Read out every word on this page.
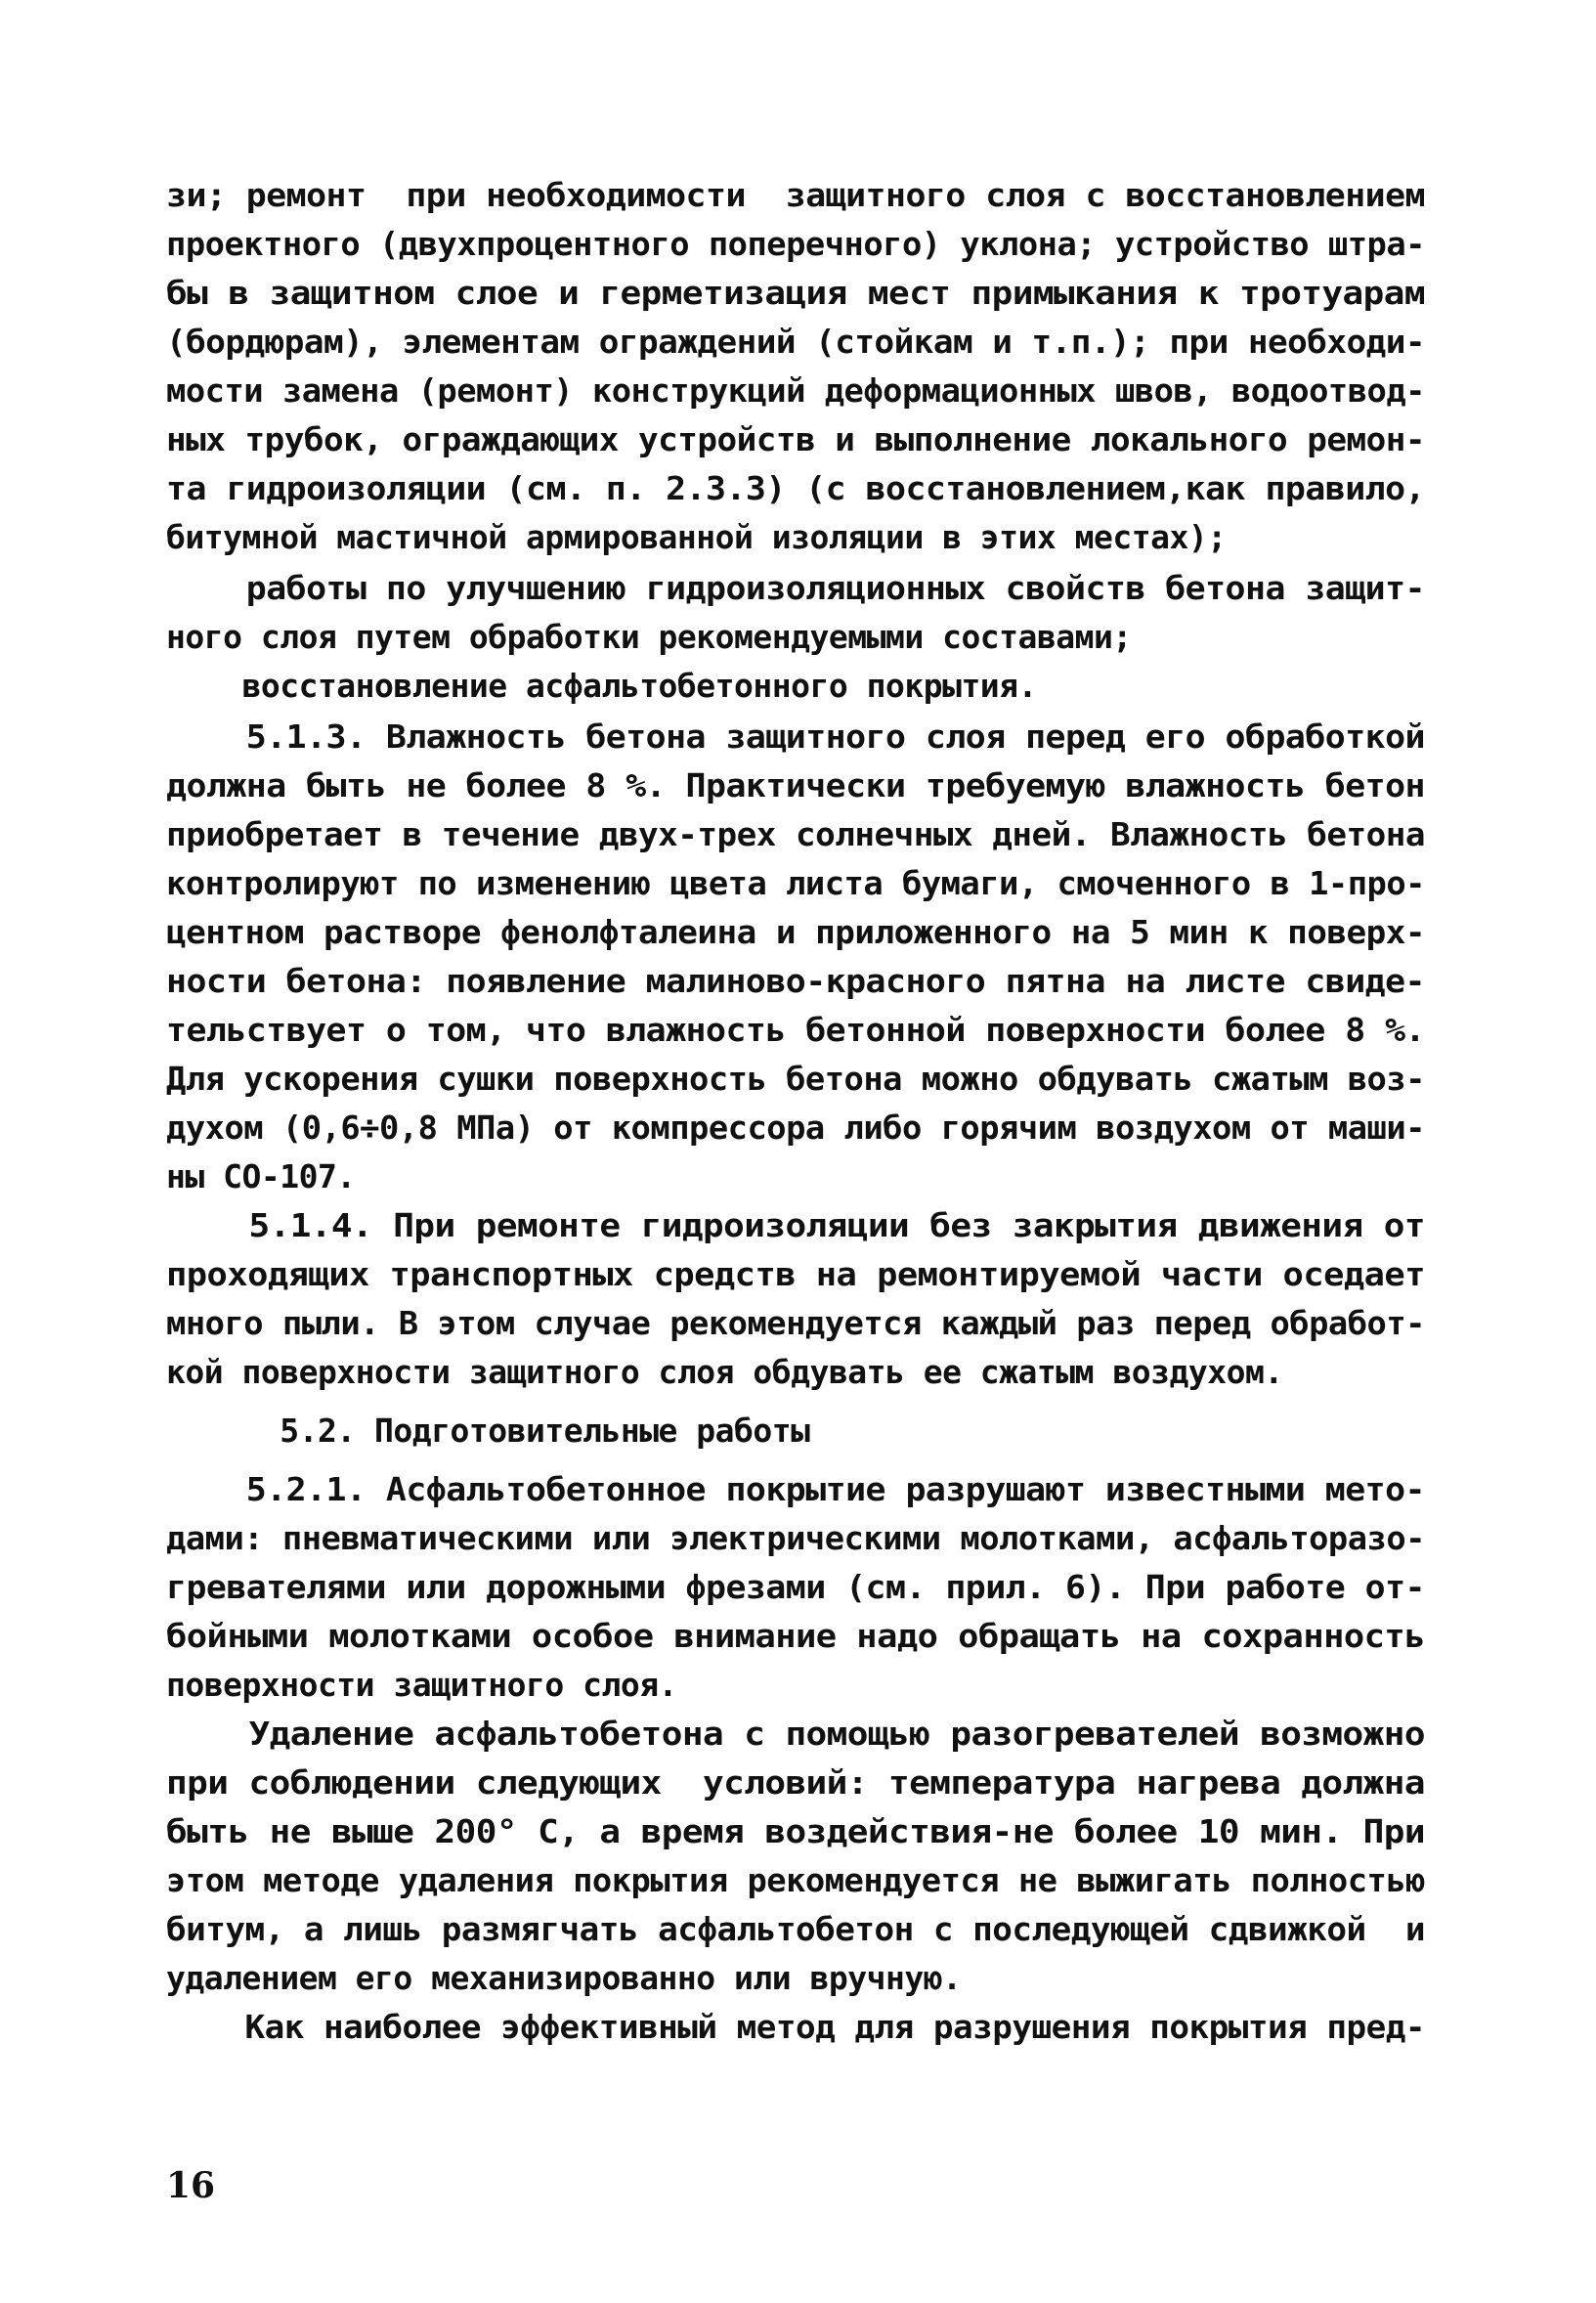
зи; ремонт  при необходимости  защитного слоя с восстановлением
проектного (двухпроцентного поперечного) уклона; устройство штра-
бы в защитном слое и герметизация мест примыкания к тротуарам
(бордюрам), элементам ограждений (стойкам и т.п.); при необходи-
мости замена (ремонт) конструкций деформационных швов, водоотвод-
ных трубок, ограждающих устройств и выполнение локального ремон-
та гидроизоляции (см. п. 2.3.3) (с восстановлением,как правило,
битумной мастичной армированной изоляции в этих местах);
работы по улучшению гидроизоляционных свойств бетона защит-
ного слоя путем обработки рекомендуемыми составами;
восстановление асфальтобетонного покрытия.
5.1.3. Влажность бетона защитного слоя перед его обработкой
должна быть не более 8 %. Практически требуемую влажность бетон
приобретает в течение двух-трех солнечных дней. Влажность бетона
контролируют по изменению цвета листа бумаги, смоченного в 1-про-
центном растворе фенолфталеина и приложенного на 5 мин к поверх-
ности бетона: появление малиново-красного пятна на листе свиде-
тельствует о том, что влажность бетонной поверхности более 8 %.
Для ускорения сушки поверхность бетона можно обдувать сжатым воз-
духом (0,6÷0,8 МПа) от компрессора либо горячим воздухом от маши-
ны СО-107.
5.1.4. При ремонте гидроизоляции без закрытия движения от
проходящих транспортных средств на ремонтируемой части оседает
много пыли. В этом случае рекомендуется каждый раз перед обработ-
кой поверхности защитного слоя обдувать ее сжатым воздухом.
5.2. Подготовительные работы
5.2.1. Асфальтобетонное покрытие разрушают известными мето-
дами: пневматическими или электрическими молотками, асфальторазо-
гревателями или дорожными фрезами (см. прил. 6). При работе от-
бойными молотками особое внимание надо обращать на сохранность
поверхности защитного слоя.
Удаление асфальтобетона с помощью разогревателей возможно
при соблюдении следующих  условий: температура нагрева должна
быть не выше 200° С, а время воздействия-не более 10 мин. При
этом методе удаления покрытия рекомендуется не выжигать полностью
битум, а лишь размягчать асфальтобетон с последующей сдвижкой  и
удалением его механизированно или вручную.
Как наиболее эффективный метод для разрушения покрытия пред-
16
